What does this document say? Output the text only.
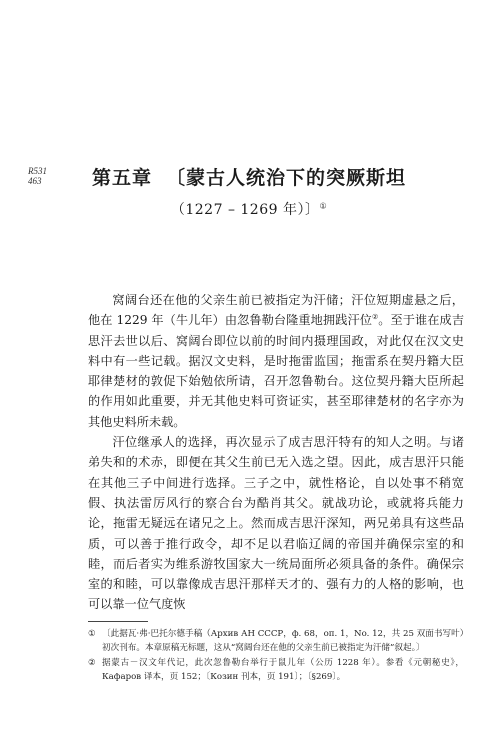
R531
463	第五章 〔蒙古人统治下的突厥斯坦
（1227 – 1269 年）〕①

窝阔台还在他的父亲生前已被指定为汗储；汗位短期虚悬之后，他在 1229 年（牛儿年）由忽鲁勒台隆重地拥践汗位②。至于谁在成吉思汗去世以后、窝阔台即位以前的时间内摄理国政，对此仅在汉文史料中有一些记载。据汉文史料，是时拖雷监国；拖雷系在契丹籍大臣耶律楚材的敦促下始勉依所请，召开忽鲁勒台。这位契丹籍大臣所起的作用如此重要，并无其他史料可资证实，甚至耶律楚材的名字亦为其他史料所未载。

汗位继承人的选择，再次显示了成吉思汗特有的知人之明。与诸弟失和的术赤，即便在其父生前已无入选之望。因此，成吉思汗只能在其他三子中间进行选择。三子之中，就性格论，自以处事不稍宽假、执法雷厉风行的察合台为酷肖其父。就战功论，或就将兵能力论，拖雷无疑远在诸兄之上。然而成吉思汗深知，两兄弟具有这些品质，可以善于推行政令，却不足以君临辽阔的帝国并确保宗室的和睦，而后者实为维系游牧国家大一统局面所必须具备的条件。确保宗室的和睦，可以靠像成吉思汗那样天才的、强有力的人格的影响，也可以靠一位气度恢

① 〔此据瓦·弗·巴托尔德手稿（Архив АН СССР，ф. 68，оп. 1，No. 12，共 25 双面书写叶）初次刊布。本章原稿无标题，这从“窝阔台还在他的父亲生前已被指定为汗储”叙起。〕
② 据蒙古－汉文年代记，此次忽鲁勒台举行于鼠儿年（公历 1228 年）。参看《元朝秘史》，Кафаров 译本，页 152；〔Козин 刊本，页 191〕；〔§269〕。
